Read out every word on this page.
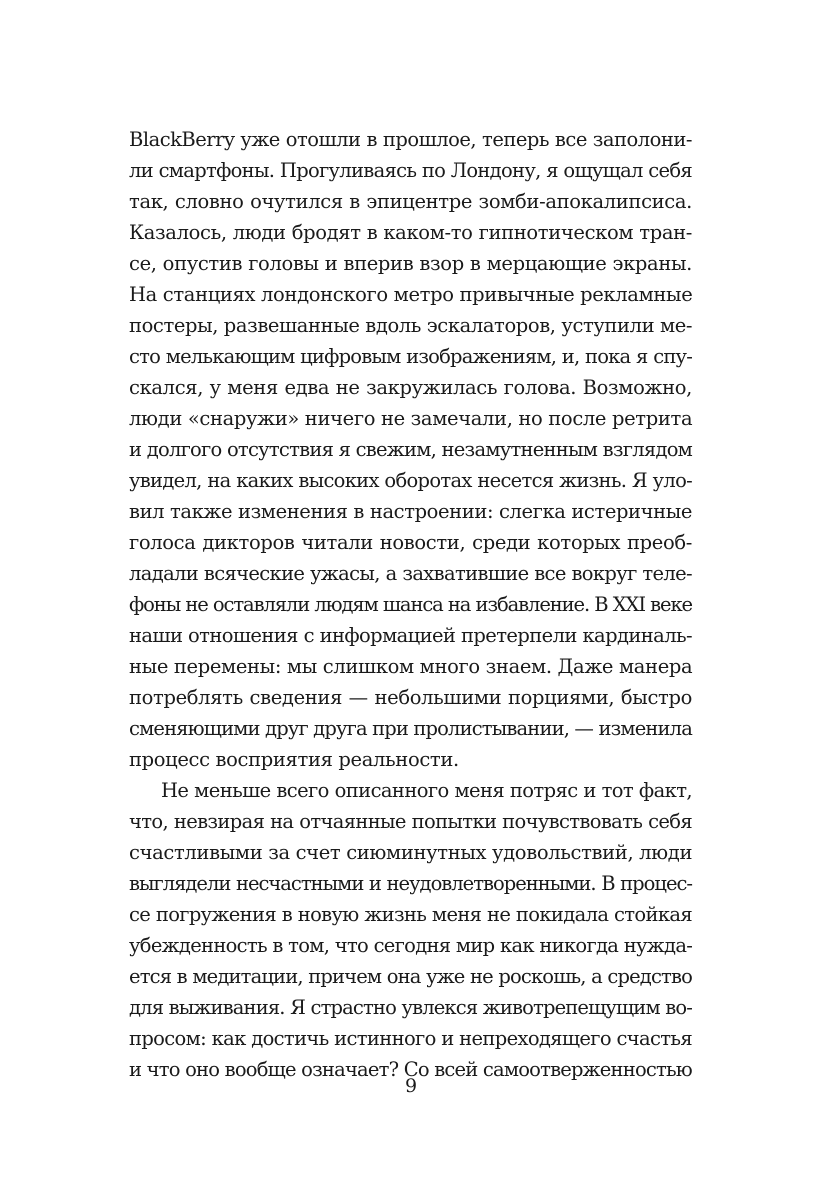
BlackBerry уже отошли в прошлое, теперь все заполони-
ли смартфоны. Прогуливаясь по Лондону, я ощущал себя
так, словно очутился в эпицентре зомби-апокалипсиса.
Казалось, люди бродят в каком-то гипнотическом тран-
се, опустив головы и вперив взор в мерцающие экраны.
На станциях лондонского метро привычные рекламные
постеры, развешанные вдоль эскалаторов, уступили ме-
сто мелькающим цифровым изображениям, и, пока я спу-
скался, у меня едва не закружилась голова. Возможно,
люди «снаружи» ничего не замечали, но после ретрита
и долгого отсутствия я свежим, незамутненным взглядом
увидел, на каких высоких оборотах несется жизнь. Я уло-
вил также изменения в настроении: слегка истеричные
голоса дикторов читали новости, среди которых преоб-
ладали всяческие ужасы, а захватившие все вокруг теле-
фоны не оставляли людям шанса на избавление. В XXI веке
наши отношения с информацией претерпели кардиналь-
ные перемены: мы слишком много знаем. Даже манера
потреблять сведения — небольшими порциями, быстро
сменяющими друг друга при пролистывании, — изменила
процесс восприятия реальности.
Не меньше всего описанного меня потряс и тот факт,
что, невзирая на отчаянные попытки почувствовать себя
счастливыми за счет сиюминутных удовольствий, люди
выглядели несчастными и неудовлетворенными. В процес-
се погружения в новую жизнь меня не покидала стойкая
убежденность в том, что сегодня мир как никогда нужда-
ется в медитации, причем она уже не роскошь, а средство
для выживания. Я страстно увлекся животрепещущим во-
просом: как достичь истинного и непреходящего счастья
и что оно вообще означает? Со всей самоотверженностью
9
